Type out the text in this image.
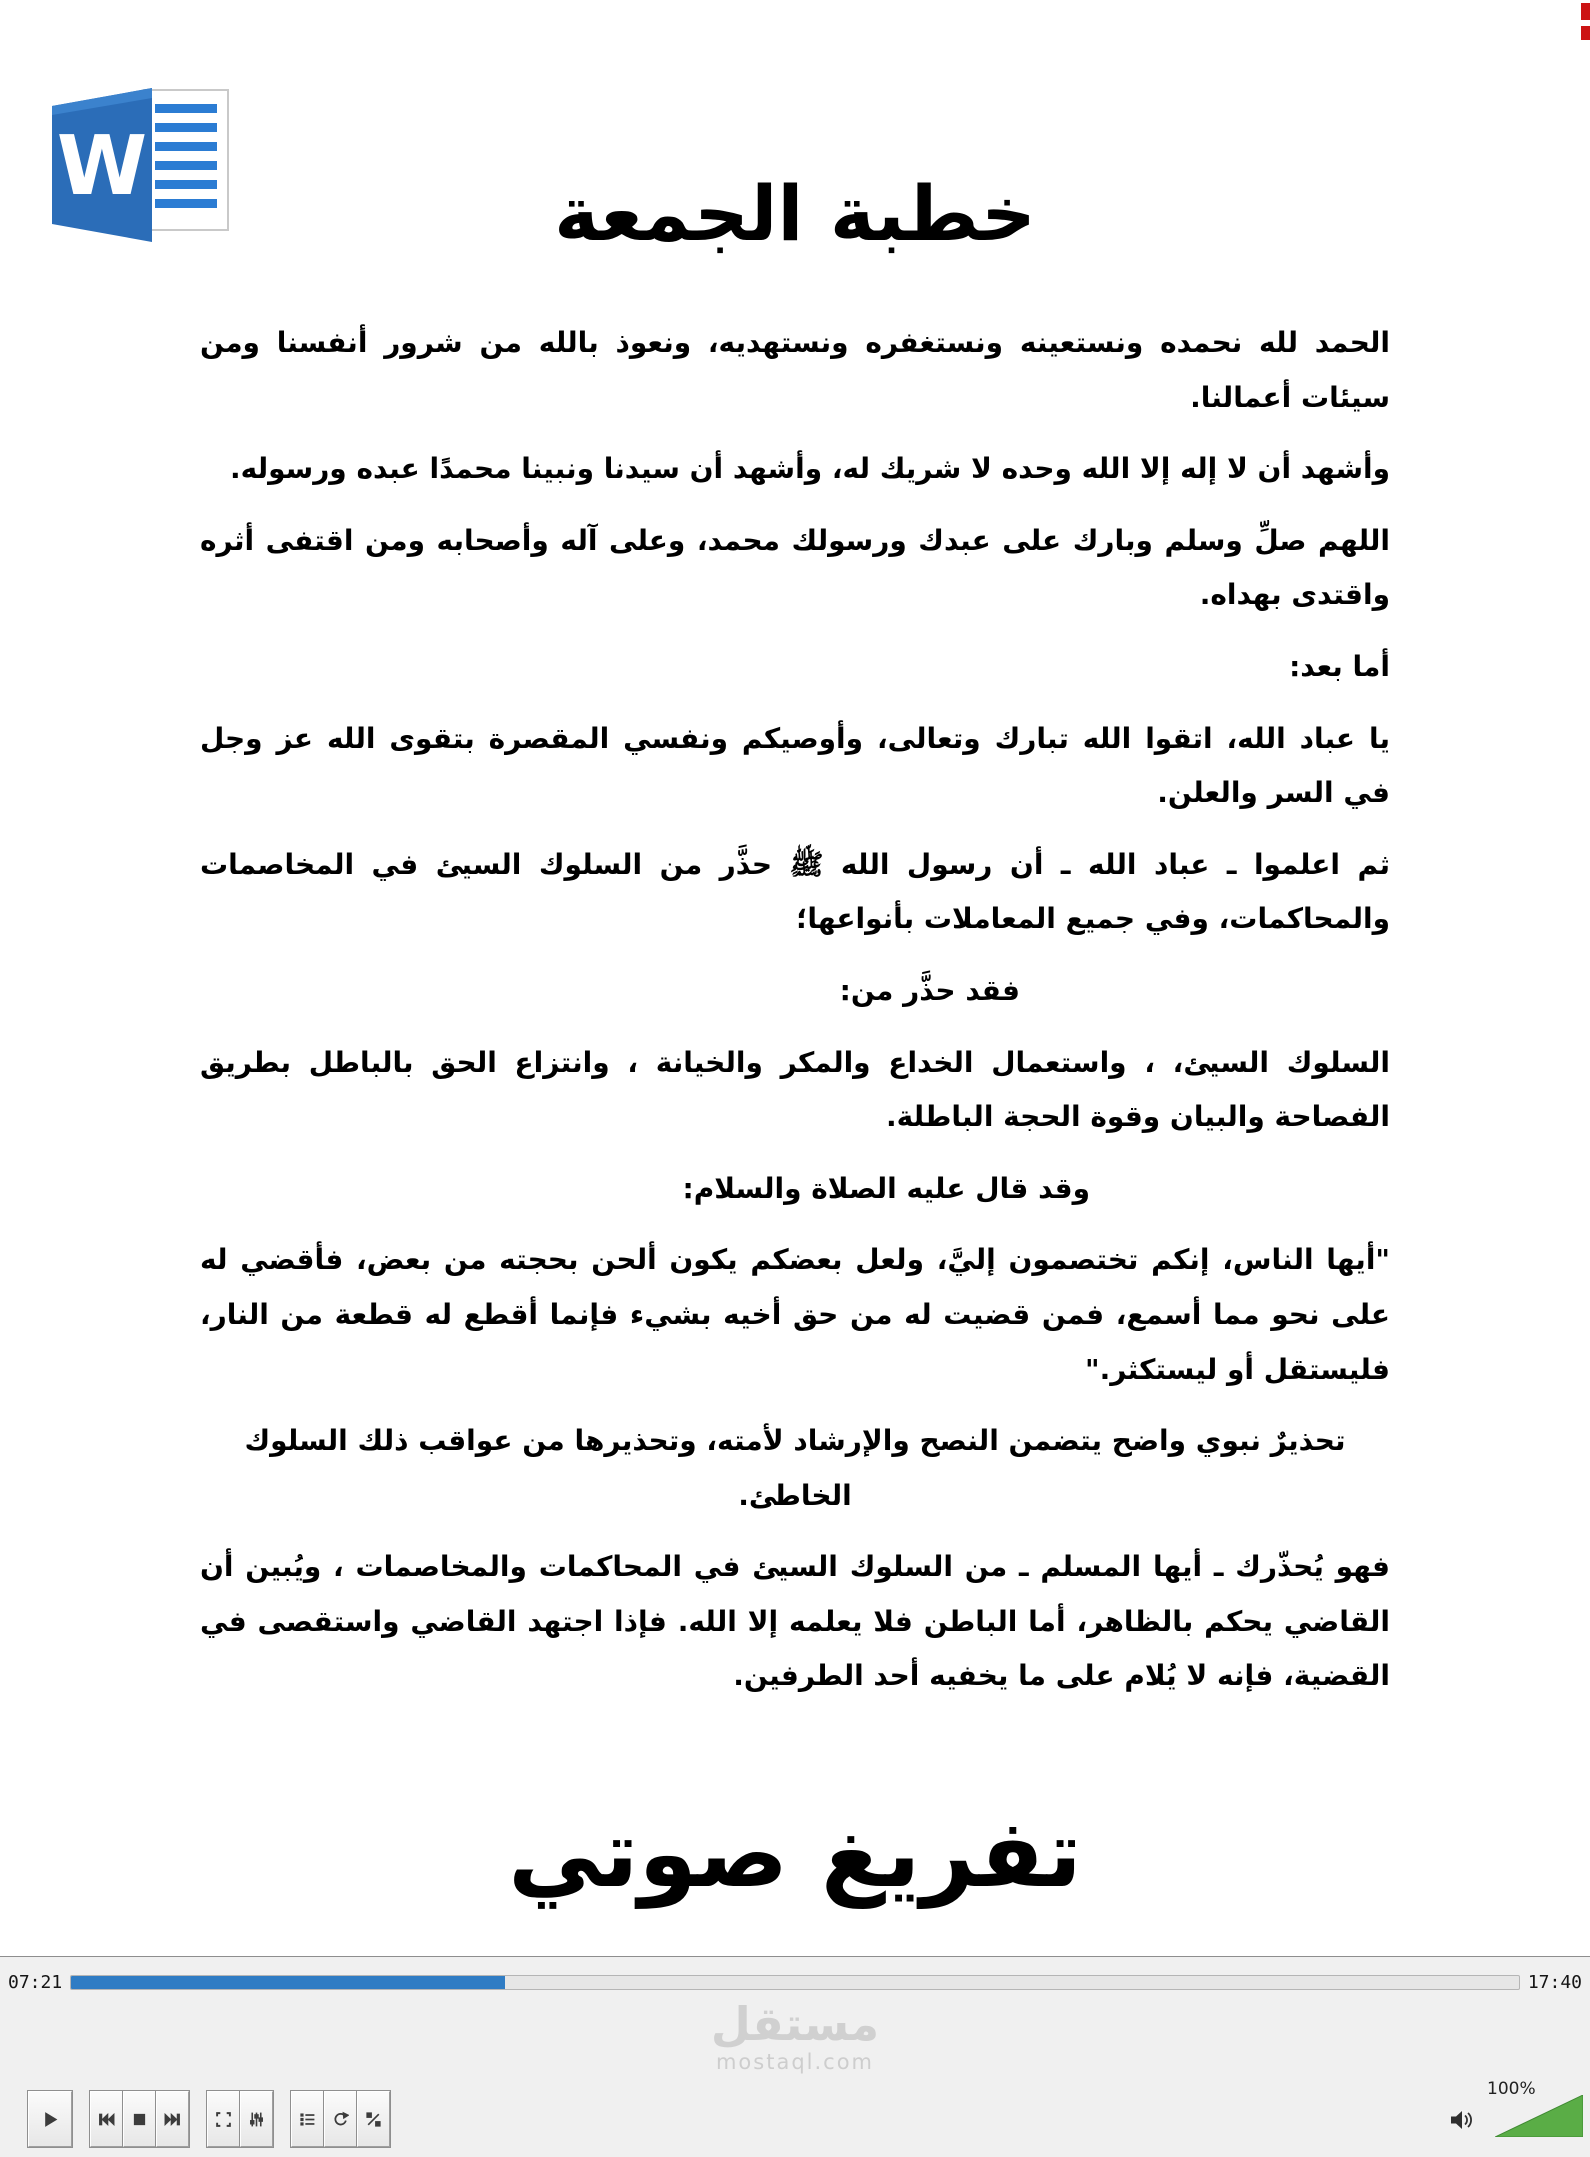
W	خطبة الجمعة

الحمد لله نحمده ونستعينه ونستغفره ونستهديه، ونعوذ بالله من شرور أنفسنا ومن سيئات أعمالنا.

وأشهد أن لا إله إلا الله وحده لا شريك له، وأشهد أن سيدنا ونبينا محمدًا عبده ورسوله.

اللهم صلِّ وسلم وبارك على عبدك ورسولك محمد، وعلى آله وأصحابه ومن اقتفى أثره واقتدى بهداه.

أما بعد:

يا عباد الله، اتقوا الله تبارك وتعالى، وأوصيكم ونفسي المقصرة بتقوى الله عز وجل في السر والعلن.

ثم اعلموا ـ عباد الله ـ أن رسول الله ﷺ حذَّر من السلوك السيئ في المخاصمات والمحاكمات، وفي جميع المعاملات بأنواعها؛

فقد حذَّر من:

السلوك السيئ، ، واستعمال الخداع والمكر والخيانة ، وانتزاع الحق بالباطل بطريق الفصاحة والبيان وقوة الحجة الباطلة.

وقد قال عليه الصلاة والسلام:

"أيها الناس، إنكم تختصمون إليَّ، ولعل بعضكم يكون ألحن بحجته من بعض، فأقضي له على نحو مما أسمع، فمن قضيت له من حق أخيه بشيء فإنما أقطع له قطعة من النار، فليستقل أو ليستكثر."

تحذيرٌ نبوي واضح يتضمن النصح والإرشاد لأمته، وتحذيرها من عواقب ذلك السلوك الخاطئ.

فهو يُحذّرك ـ أيها المسلم ـ من السلوك السيئ في المحاكمات والمخاصمات ، ويُبين أن القاضي يحكم بالظاهر، أما الباطن فلا يعلمه إلا الله. فإذا اجتهد القاضي واستقصى في القضية، فإنه لا يُلام على ما يخفيه أحد الطرفين.

تفريغ صوتي
07:21	17:40
مستقل
mostaql.com
100%
